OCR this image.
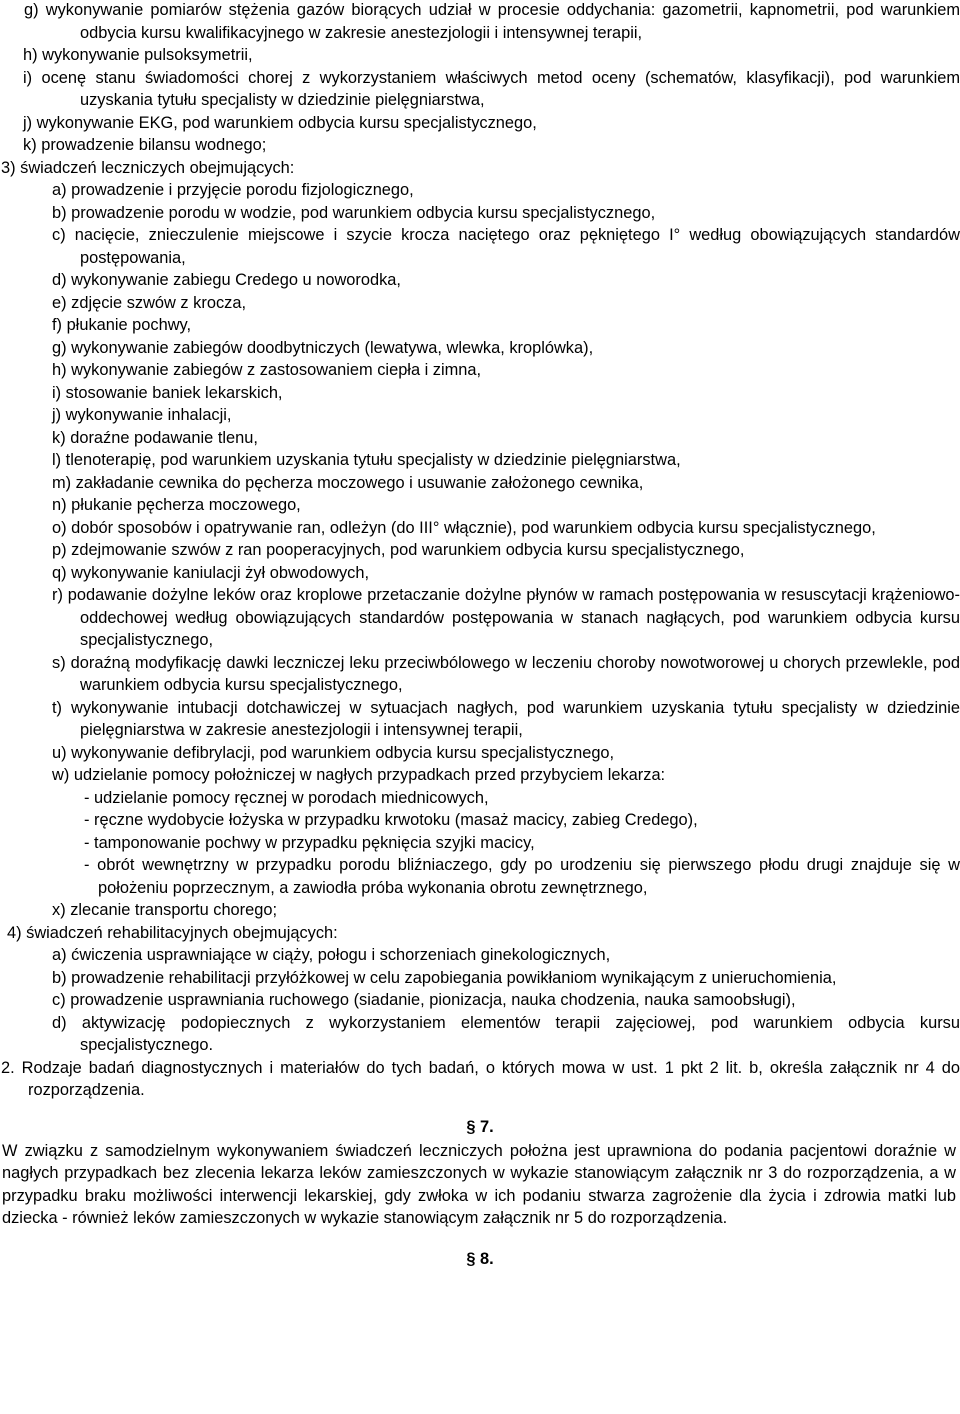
g) wykonywanie pomiarów stężenia gazów biorących udział w procesie oddychania: gazometrii, kapnometrii, pod warunkiem odbycia kursu kwalifikacyjnego w zakresie anestezjologii i intensywnej terapii,

h) wykonywanie pulsoksymetrii,

i) ocenę stanu świadomości chorej z wykorzystaniem właściwych metod oceny (schematów, klasyfikacji), pod warunkiem uzyskania tytułu specjalisty w dziedzinie pielęgniarstwa,

j) wykonywanie EKG, pod warunkiem odbycia kursu specjalistycznego,

k) prowadzenie bilansu wodnego;

3) świadczeń leczniczych obejmujących:

a) prowadzenie i przyjęcie porodu fizjologicznego,

b) prowadzenie porodu w wodzie, pod warunkiem odbycia kursu specjalistycznego,

c) nacięcie, znieczulenie miejscowe i szycie krocza naciętego oraz pękniętego I° według obowiązujących standardów postępowania,

d) wykonywanie zabiegu Credego u noworodka,

e) zdjęcie szwów z krocza,

f) płukanie pochwy,

g) wykonywanie zabiegów doodbytniczych (lewatywa, wlewka, kroplówka),

h) wykonywanie zabiegów z zastosowaniem ciepła i zimna,

i) stosowanie baniek lekarskich,

j) wykonywanie inhalacji,

k) doraźne podawanie tlenu,

l) tlenoterapię, pod warunkiem uzyskania tytułu specjalisty w dziedzinie pielęgniarstwa,

m) zakładanie cewnika do pęcherza moczowego i usuwanie założonego cewnika,

n) płukanie pęcherza moczowego,

o) dobór sposobów i opatrywanie ran, odleżyn (do III° włącznie), pod warunkiem odbycia kursu specjalistycznego,

p) zdejmowanie szwów z ran pooperacyjnych, pod warunkiem odbycia kursu specjalistycznego,

q) wykonywanie kaniulacji żył obwodowych,

r) podawanie dożylne leków oraz kroplowe przetaczanie dożylne płynów w ramach postępowania w resuscytacji krążeniowo-oddechowej według obowiązujących standardów postępowania w stanach nagłących, pod warunkiem odbycia kursu specjalistycznego,

s) doraźną modyfikację dawki leczniczej leku przeciwbólowego w leczeniu choroby nowotworowej u chorych przewlekle, pod warunkiem odbycia kursu specjalistycznego,

t) wykonywanie intubacji dotchawiczej w sytuacjach nagłych, pod warunkiem uzyskania tytułu specjalisty w dziedzinie pielęgniarstwa w zakresie anestezjologii i intensywnej terapii,

u) wykonywanie defibrylacji, pod warunkiem odbycia kursu specjalistycznego,

w) udzielanie pomocy położniczej w nagłych przypadkach przed przybyciem lekarza:

- udzielanie pomocy ręcznej w porodach miednicowych,

- ręczne wydobycie łożyska w przypadku krwotoku (masaż macicy, zabieg Credego),

- tamponowanie pochwy w przypadku pęknięcia szyjki macicy,

- obrót wewnętrzny w przypadku porodu bliźniaczego, gdy po urodzeniu się pierwszego płodu drugi znajduje się w położeniu poprzecznym, a zawiodła próba wykonania obrotu zewnętrznego,

x) zlecanie transportu chorego;

4) świadczeń rehabilitacyjnych obejmujących:

a) ćwiczenia usprawniające w ciąży, połogu i schorzeniach ginekologicznych,

b) prowadzenie rehabilitacji przyłóżkowej w celu zapobiegania powikłaniom wynikającym z unieruchomienia,

c) prowadzenie usprawniania ruchowego (siadanie, pionizacja, nauka chodzenia, nauka samoobsługi),

d) aktywizację podopiecznych z wykorzystaniem elementów terapii zajęciowej, pod warunkiem odbycia kursu specjalistycznego.

2. Rodzaje badań diagnostycznych i materiałów do tych badań, o których mowa w ust. 1 pkt 2 lit. b, określa załącznik nr 4 do rozporządzenia.

§ 7.

W związku z samodzielnym wykonywaniem świadczeń leczniczych położna jest uprawniona do podania pacjentowi doraźnie w nagłych przypadkach bez zlecenia lekarza leków zamieszczonych w wykazie stanowiącym załącznik nr 3 do rozporządzenia, a w przypadku braku możliwości interwencji lekarskiej, gdy zwłoka w ich podaniu stwarza zagrożenie dla życia i zdrowia matki lub dziecka - również leków zamieszczonych w wykazie stanowiącym załącznik nr 5 do rozporządzenia.

§ 8.
